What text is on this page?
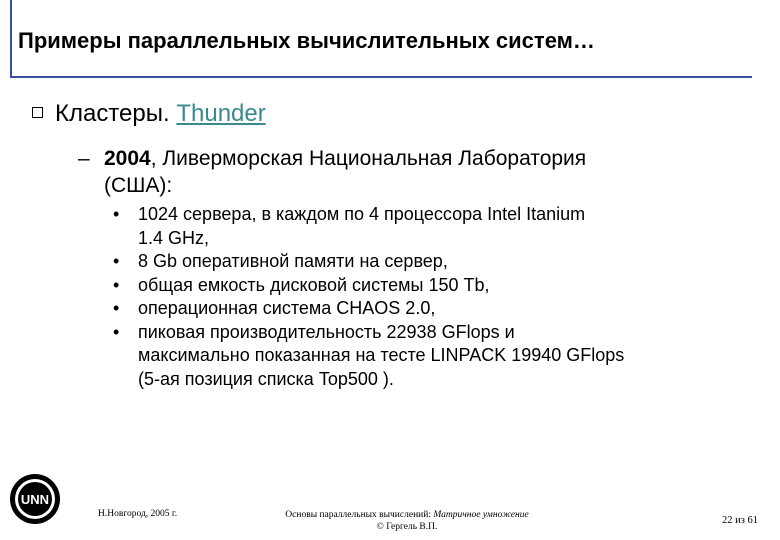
Примеры параллельных вычислительных систем…
Кластеры. Thunder
– 2004, Ливерморская Национальная Лаборатория
(США):
• 1024 сервера, в каждом по 4 процессора Intel Itanium
1.4 GHz,
• 8 Gb оперативной памяти на сервер,
• общая емкость дисковой системы 150 Tb,
• операционная система CHAOS 2.0,
• пиковая производительность 22938 GFlops и
максимально показанная на тесте LINPACK 19940 GFlops
(5-ая позиция списка Top500 ).
UNN
Н.Новгород, 2005 г.	Основы параллельных вычислений: Матричное умножение
© Гергель В.П.
22 из 61
